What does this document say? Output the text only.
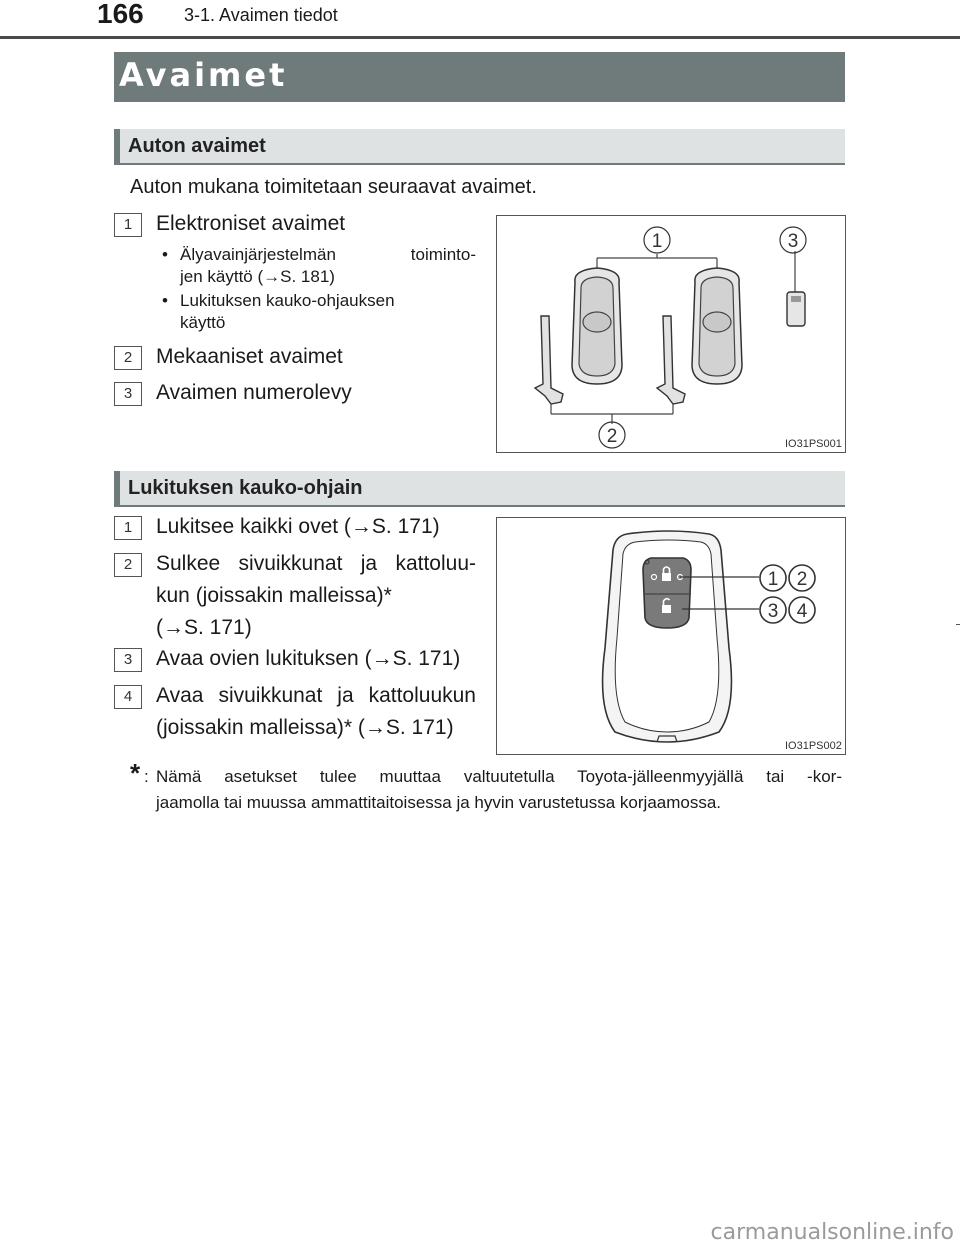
166 3-1. Avaimen tiedot
Avaimet
Auton avaimet
Auton mukana toimitetaan seuraavat avaimet.
1	Elektroniset avaimet
• Älyavainjärjestelmän toiminto-
jen käyttö (→S. 181)
• Lukituksen kauko-ohjauksen
käyttö
2	Mekaaniset avaimet
3	Avaimen numerolevy
1
2
3
IO31PS001
Lukituksen kauko-ohjain
1	Lukitsee kaikki ovet (→S. 171)
2	Sulkee sivuikkunat ja kattoluu-
kun (joissakin malleissa)*
(→S. 171)
3	Avaa ovien lukituksen (→S. 171)
4	Avaa sivuikkunat ja kattoluukun
(joissakin malleissa)* (→S. 171)
1 2
3 4
IO31PS002
* : Nämä asetukset tulee muuttaa valtuutetulla Toyota-jälleenmyyjällä tai -kor-
jaamolla tai muussa ammattitaitoisessa ja hyvin varustetussa korjaamossa.
carmanualsonline.info
